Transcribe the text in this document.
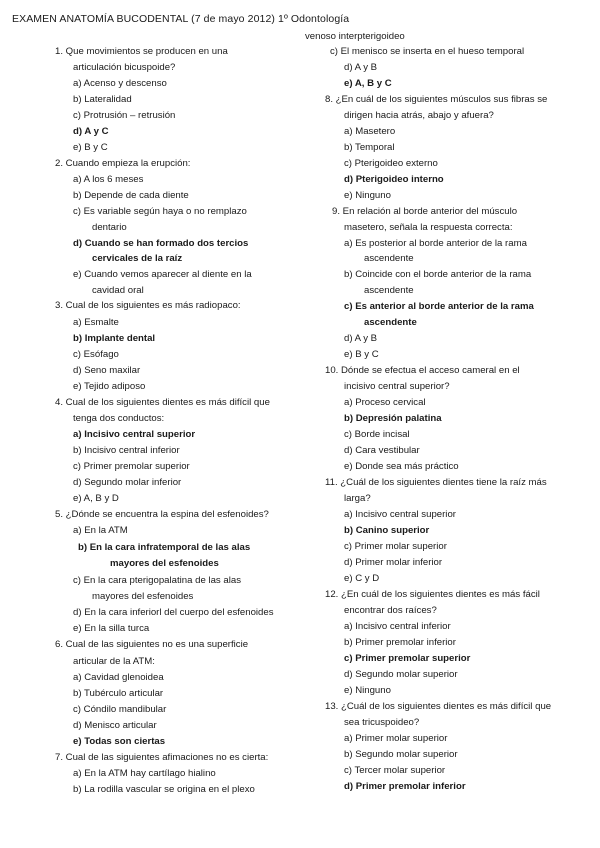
EXAMEN ANATOMÍA BUCODENTAL (7 de mayo 2012) 1º Odontología
1. Que movimientos se producen en una
articulación bicuspoide?
a) Acenso y descenso
b) Lateralidad
c) Protrusión – retrusión
d) A y C
e) B y C
2. Cuando empieza la erupción:
a) A los 6 meses
b) Depende de cada diente
c) Es variable según haya o no remplazo
dentario
d) Cuando se han formado dos tercios
cervicales de la raíz
e) Cuando vemos aparecer al diente en la
cavidad oral
3. Cual de los siguientes es más radiopaco:
a) Esmalte
b) Implante dental
c) Esófago
d) Seno maxilar
e) Tejido adiposo
4. Cual de los siguientes dientes es más difícil que
tenga dos conductos:
a) Incisivo central superior
b) Incisivo central inferior
c) Primer premolar superior
d) Segundo molar inferior
e) A, B y D
5. ¿Dónde se encuentra la espina del esfenoides?
a) En la ATM
b) En la cara infratemporal de las alas
mayores del esfenoides
c) En la cara pterigopalatina de las alas
mayores del esfenoides
d) En la cara inferiorl del cuerpo del esfenoides
e) En la silla turca
6. Cual de las siguientes no es una superficie
articular de la ATM:
a) Cavidad glenoidea
b) Tubérculo articular
c) Cóndilo mandibular
d) Menisco articular
e) Todas son ciertas
7. Cual de las siguientes afimaciones no es cierta:
a) En la ATM hay cartílago hialino
b) La rodilla vascular se origina en el plexo
venoso interpterigoideo
c) El menisco se inserta en el hueso temporal
d) A y B
e) A, B y C
8. ¿En cuál de los siguientes músculos sus fibras se
dirigen hacia atrás, abajo y afuera?
a) Masetero
b) Temporal
c) Pterigoideo externo
d) Pterigoideo interno
e) Ninguno
9. En relación al borde anterior del músculo
masetero, señala la respuesta correcta:
a) Es posterior al borde anterior de la rama
ascendente
b) Coincide con el borde anterior de la rama
ascendente
c) Es anterior al borde anterior de la rama
ascendente
d) A y B
e) B y C
10. Dónde se efectua el acceso cameral en el
incisivo central superior?
a) Proceso cervical
b) Depresión palatina
c) Borde incisal
d) Cara vestibular
e) Donde sea más práctico
11. ¿Cuál de los siguientes dientes tiene la raíz más
larga?
a) Incisivo central superior
b) Canino superior
c) Primer molar superior
d) Primer molar inferior
e) C y D
12. ¿En cuál de los siguientes dientes es más fácil
encontrar dos raíces?
a) Incisivo central inferior
b) Primer premolar inferior
c) Primer premolar superior
d) Segundo molar superior
e) Ninguno
13. ¿Cuál de los siguientes dientes es más difícil que
sea tricuspoideo?
a) Primer molar superior
b) Segundo molar superior
c) Tercer molar superior
d) Primer premolar inferior
